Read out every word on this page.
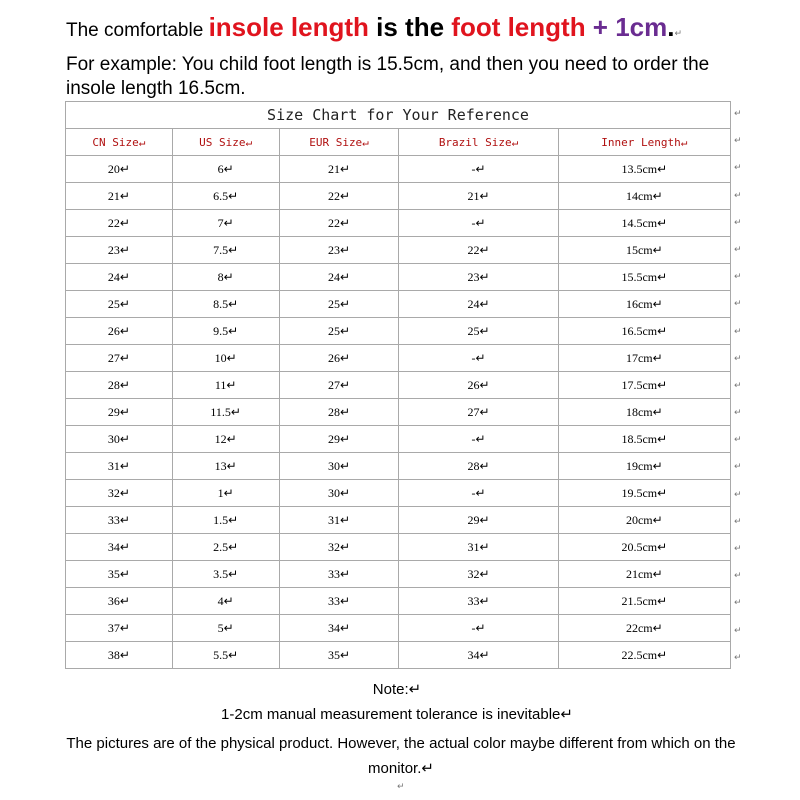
The comfortable insole length is the foot length + 1cm.↵
For example: You child foot length is 15.5cm, and then you need to order the insole length 16.5cm.
Size Chart for Your Reference				
CN Size↵	US Size↵	EUR Size↵	Brazil Size↵	Inner Length↵
20↵	6↵	21↵	-↵	13.5cm↵
21↵	6.5↵	22↵	21↵	14cm↵
22↵	7↵	22↵	-↵	14.5cm↵
23↵	7.5↵	23↵	22↵	15cm↵
24↵	8↵	24↵	23↵	15.5cm↵
25↵	8.5↵	25↵	24↵	16cm↵
26↵	9.5↵	25↵	25↵	16.5cm↵
27↵	10↵	26↵	-↵	17cm↵
28↵	11↵	27↵	26↵	17.5cm↵
29↵	11.5↵	28↵	27↵	18cm↵
30↵	12↵	29↵	-↵	18.5cm↵
31↵	13↵	30↵	28↵	19cm↵
32↵	1↵	30↵	-↵	19.5cm↵
33↵	1.5↵	31↵	29↵	20cm↵
34↵	2.5↵	32↵	31↵	20.5cm↵
35↵	3.5↵	33↵	32↵	21cm↵
36↵	4↵	33↵	33↵	21.5cm↵
37↵	5↵	34↵	-↵	22cm↵
38↵	5.5↵	35↵	34↵	22.5cm↵
↵
↵
↵
↵
↵
↵
↵
↵
↵
↵
↵
↵
↵
↵
↵
↵
↵
↵
↵
↵
↵
Note:↵
1-2cm manual measurement tolerance is inevitable↵
The pictures are of the physical product. However, the actual color maybe different from which on the monitor.↵
↵
